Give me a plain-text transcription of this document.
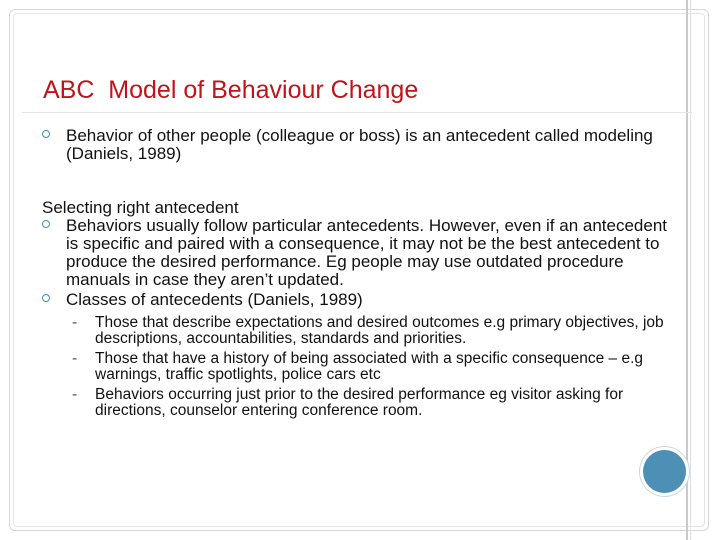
ABC  Model of Behaviour Change

Behavior of other people (colleague or boss) is an antecedent called modeling (Daniels, 1989)

Selecting right antecedent

Behaviors usually follow particular antecedents. However, even if an antecedent is specific and paired with a consequence, it may not be the best antecedent to produce the desired performance. Eg people may use outdated procedure manuals in case they aren’t updated.

Classes of antecedents (Daniels, 1989)

- Those that describe expectations and desired outcomes e.g primary objectives, job descriptions, accountabilities, standards and priorities.
- Those that have a history of being associated with a specific consequence – e.g warnings, traffic spotlights, police cars etc
- Behaviors occurring just prior to the desired performance eg visitor asking for directions, counselor entering conference room.
